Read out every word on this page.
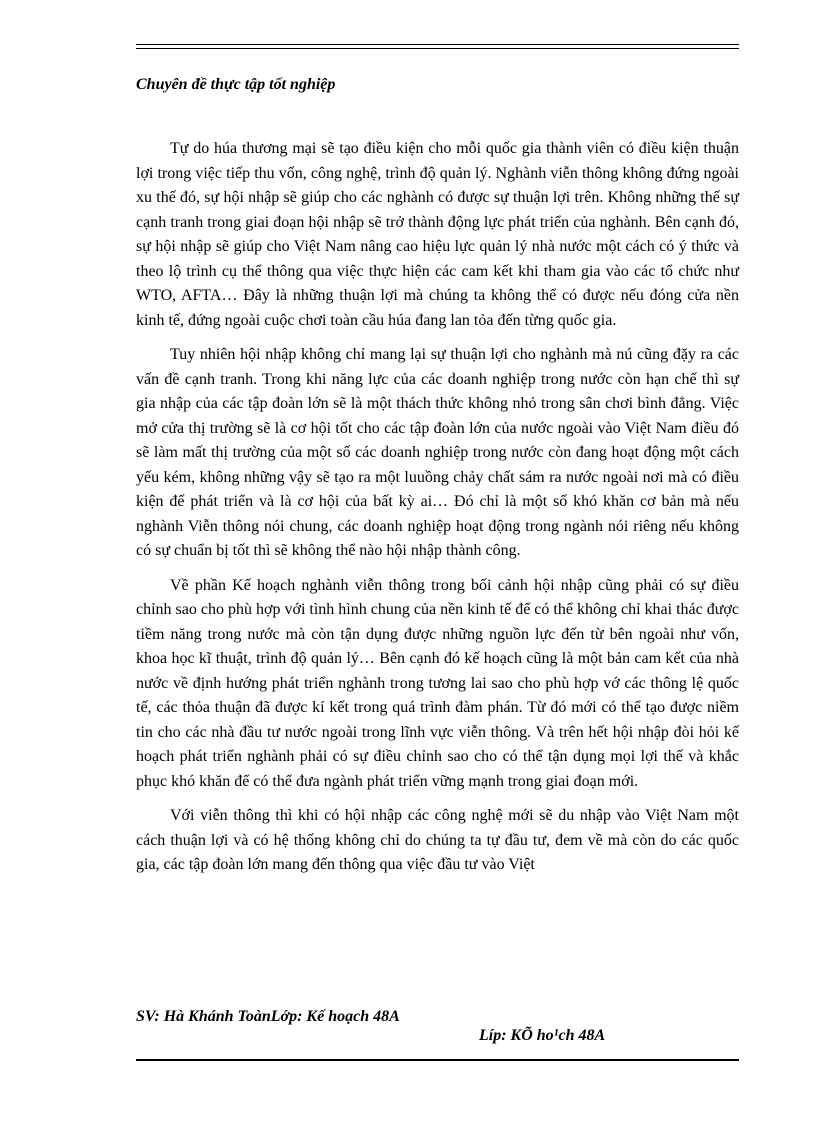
Chuyên đề thực tập tốt nghiệp

Tự do húa thương mại sẽ tạo điều kiện cho mỗi quốc gia thành viên có điều kiện thuận lợi trong việc tiếp thu vốn, công nghệ, trình độ quản lý. Nghành viễn thông không đứng ngoài xu thế đó, sự hội nhập sẽ giúp cho các nghành có được sự thuận lợi trên. Không những thế sự cạnh tranh trong giai đoạn hội nhập sẽ trở thành động lực phát triển của nghành. Bên cạnh đó, sự hội nhập sẽ giúp cho Việt Nam nâng cao hiệu lực quản lý nhà nước một cách có ý thức và theo lộ trình cụ thể thông qua việc thực hiện các cam kết khi tham gia vào các tổ chức như WTO, AFTA… Đây là những thuận lợi mà chúng ta không thể có được nếu đóng cửa nền kinh tế, đứng ngoài cuộc chơi toàn cầu húa đang lan tỏa đến từng quốc gia.

Tuy nhiên hội nhập không chỉ mang lại sự thuận lợi cho nghành mà nú cũng đặy ra các vấn đề cạnh tranh. Trong khi năng lực của các doanh nghiệp trong nước còn hạn chế thì sự gia nhập của các tập đoàn lớn sẽ là một thách thức không nhỏ trong sân chơi bình đẳng. Việc mở cửa thị trường sẽ là cơ hội tốt cho các tập đoàn lớn của nước ngoài vào Việt Nam điều đó sẽ làm mất thị trường của một số các doanh nghiệp trong nước còn đang hoạt động một cách yếu kém, không những vậy sẽ tạo ra một luuồng chảy chất sám ra nước ngoài nơi mà có điều kiện để phát triển và là cơ hội của bất kỳ ai… Đó chỉ là một số khó khăn cơ bản mà nếu nghành Viễn thông nói chung, các doanh nghiệp hoạt động trong ngành nói riêng nếu không có sự chuẩn bị tốt thì sẽ không thể nào hội nhập thành công.

Về phần Kế hoạch nghành viễn thông trong bối cảnh hội nhập cũng phải có sự điều chỉnh sao cho phù hợp với tình hình chung của nền kinh tế để có thể không chỉ khai thác được tiềm năng trong nước mà còn tận dụng được những nguồn lực đến từ bên ngoài như vốn, khoa học kĩ thuật, trình độ quản lý… Bên cạnh đó kế hoạch cũng là một bản cam kết của nhà nước về định hướng phát triển nghành trong tương lai sao cho phù hợp vớ các thông lệ quốc tế, các thỏa thuận đã được kí kết trong quá trình đàm phán. Từ đó mới có thể tạo được niềm tin cho các nhà đầu tư nước ngoài trong lĩnh vực viễn thông. Và trên hết hội nhập đòi hỏi kế hoạch phát triển nghành phải có sự điều chỉnh sao cho có thể tận dụng mọi lợi thế và khắc phục khó khăn để có thể đưa ngành phát triển vững mạnh trong giai đoạn mới.

Với viễn thông thì khi có hội nhập các công nghệ mới sẽ du nhập vào Việt Nam một cách thuận lợi và có hệ thống không chỉ do chúng ta tự đầu tư, đem về mà còn do các quốc gia, các tập đoàn lớn mang đến thông qua việc đầu tư vào Việt

SV: Hà Khánh ToànLớp: Kế hoạch 48A
Líp: KÕ ho¹ch 48A
